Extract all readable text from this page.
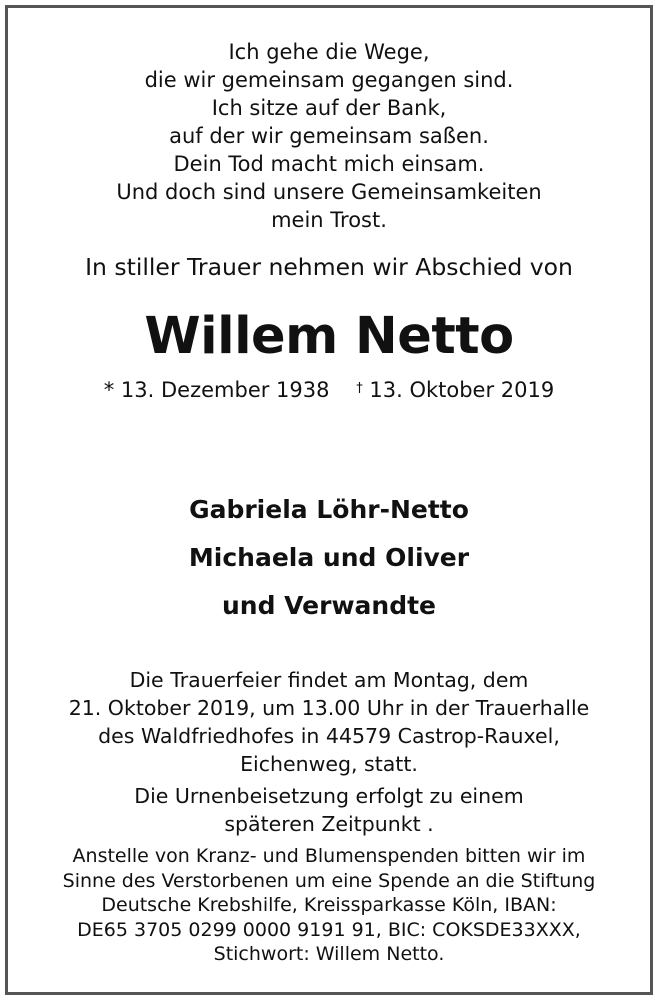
Ich gehe die Wege,
die wir gemeinsam gegangen sind.
Ich sitze auf der Bank,
auf der wir gemeinsam saßen.
Dein Tod macht mich einsam.
Und doch sind unsere Gemeinsamkeiten
mein Trost.
In stiller Trauer nehmen wir Abschied von
Willem Netto
* 13. Dezember 1938 † 13. Oktober 2019
Gabriela Löhr-Netto
Michaela und Oliver
und Verwandte
Die Trauerfeier findet am Montag, dem
21. Oktober 2019, um 13.00 Uhr in der Trauerhalle
des Waldfriedhofes in 44579 Castrop-Rauxel,
Eichenweg, statt.
Die Urnenbeisetzung erfolgt zu einem
späteren Zeitpunkt .
Anstelle von Kranz- und Blumenspenden bitten wir im
Sinne des Verstorbenen um eine Spende an die Stiftung
Deutsche Krebshilfe, Kreissparkasse Köln, IBAN:
DE65 3705 0299 0000 9191 91, BIC: COKSDE33XXX,
Stichwort: Willem Netto.
